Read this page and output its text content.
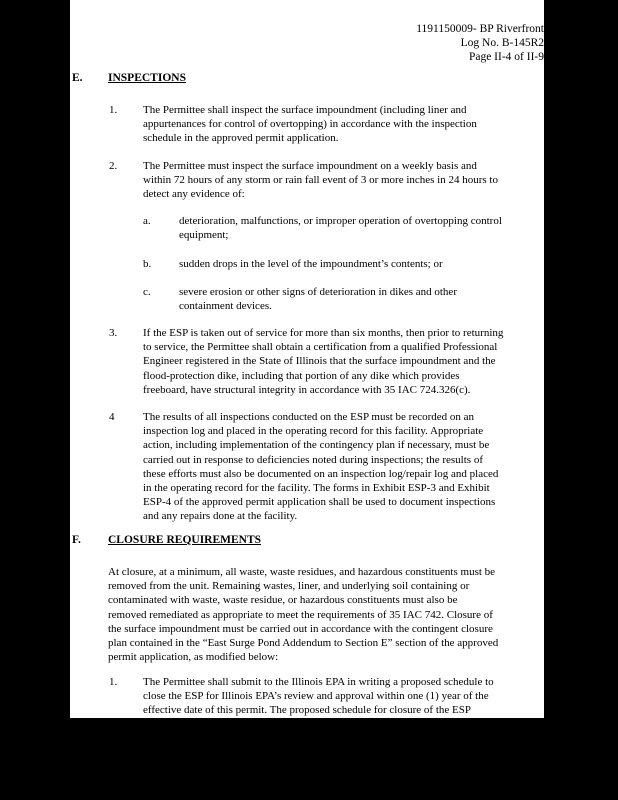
1191150009- BP Riverfront
Log No. B-145R2
Page II-4 of II-9
E. INSPECTIONS
1. The Permittee shall inspect the surface impoundment (including liner and
appurtenances for control of overtopping) in accordance with the inspection
schedule in the approved permit application.
2. The Permittee must inspect the surface impoundment on a weekly basis and
within 72 hours of any storm or rain fall event of 3 or more inches in 24 hours to
detect any evidence of:
a.	deterioration, malfunctions, or improper operation of overtopping control
equipment;
b.	sudden drops in the level of the impoundment’s contents; or
c.	severe erosion or other signs of deterioration in dikes and other
containment devices.
3. If the ESP is taken out of service for more than six months, then prior to returning
to service, the Permittee shall obtain a certification from a qualified Professional
Engineer registered in the State of Illinois that the surface impoundment and the
flood-protection dike, including that portion of any dike which provides
freeboard, have structural integrity in accordance with 35 IAC 724.326(c).
4	The results of all inspections conducted on the ESP must be recorded on an
inspection log and placed in the operating record for this facility. Appropriate
action, including implementation of the contingency plan if necessary, must be
carried out in response to deficiencies noted during inspections; the results of
these efforts must also be documented on an inspection log/repair log and placed
in the operating record for the facility. The forms in Exhibit ESP-3 and Exhibit
ESP-4 of the approved permit application shall be used to document inspections
and any repairs done at the facility.
F. CLOSURE REQUIREMENTS
At closure, at a minimum, all waste, waste residues, and hazardous constituents must be
removed from the unit. Remaining wastes, liner, and underlying soil containing or
contaminated with waste, waste residue, or hazardous constituents must also be
removed remediated as appropriate to meet the requirements of 35 IAC 742. Closure of
the surface impoundment must be carried out in accordance with the contingent closure
plan contained in the “East Surge Pond Addendum to Section E” section of the approved
permit application, as modified below:
1. The Permittee shall submit to the Illinois EPA in writing a proposed schedule to
close the ESP for Illinois EPA’s review and approval within one (1) year of the
effective date of this permit. The proposed schedule for closure of the ESP
